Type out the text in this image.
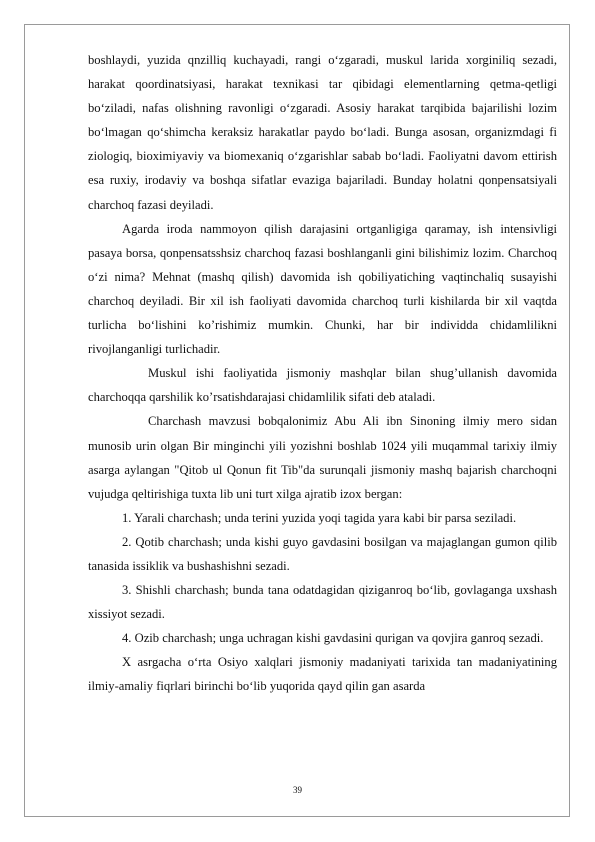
boshlaydi, yuzida qnzilliq kuchayadi, rangi o‘zgaradi, muskul larida xorginiliq sezadi, harakat qoordinatsiyasi, harakat texnikasi tar qibidagi elementlarning qetma-qetligi bo‘ziladi, nafas olishning ravonligi o‘zgaradi. Asosiy harakat tarqibida bajarilishi lozim bo‘lmagan qo‘shimcha keraksiz harakatlar paydo bo‘ladi. Bunga asosan, organizmdagi fi ziologiq, bioximiyaviy va biomexaniq o‘zgarishlar sabab bo‘ladi. Faoliyatni davom ettirish esa ruxiy, irodaviy va boshqa sifatlar evaziga bajariladi. Bunday holatni qonpensatsiyali charchoq fazasi deyiladi.

Agarda iroda nammoyon qilish darajasini ortganligiga qaramay, ish intensivligi pasaya borsa, qonpensatsshsiz charchoq fazasi boshlanganli gini bilishimiz lozim. Charchoq o‘zi nima? Mehnat (mashq qilish) davomida ish qobiliyatiching vaqtinchaliq susayishi charchoq deyiladi. Bir xil ish faoliyati davomida charchoq turli kishilarda bir xil vaqtda turlicha bo‘lishini ko’rishimiz mumkin. Chunki, har bir individda chidamlilikni rivojlanganligi turlichadir.

Muskul ishi faoliyatida jismoniy mashqlar bilan shug’ullanish davomida charchoqqa qarshilik ko’rsatishdarajasi chidamlilik sifati deb ataladi.

Charchash mavzusi bobqalonimiz Abu Ali ibn Sinoning ilmiy mero sidan munosib urin olgan Bir minginchi yili yozishni boshlab 1024 yili muqammal tarixiy ilmiy asarga aylangan "Qitob ul Qonun fit Tib"da surunqali jismoniy mashq bajarish charchoqni vujudga qeltirishiga tuxta lib uni turt xilga ajratib izox bergan:

1. Yarali charchash; unda terini yuzida yoqi tagida yara kabi bir parsa seziladi.

2. Qotib charchash; unda kishi guyo gavdasini bosilgan va majaglangan gumon qilib tanasida issiklik va bushashishni sezadi.

3. Shishli charchash; bunda tana odatdagidan qiziganroq bo‘lib, govlaganga uxshash xissiyot sezadi.

4. Ozib charchash; unga uchragan kishi gavdasini qurigan va qovjira ganroq sezadi.

X asrgacha o‘rta Osiyo xalqlari jismoniy madaniyati tarixida tan madaniyatining ilmiy-amaliy fiqrlari birinchi bo‘lib yuqorida qayd qilin gan asarda

39
